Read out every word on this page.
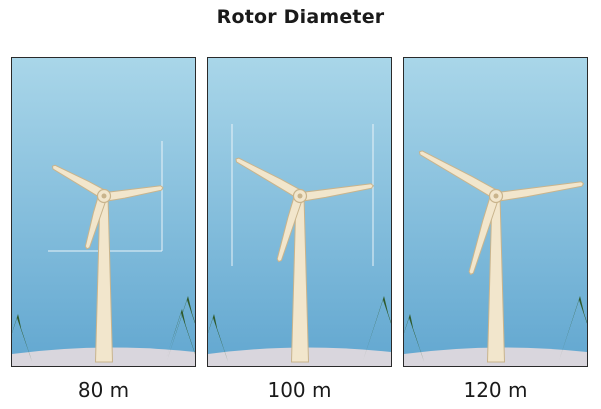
Rotor Diameter
80 m	100 m	120 m
